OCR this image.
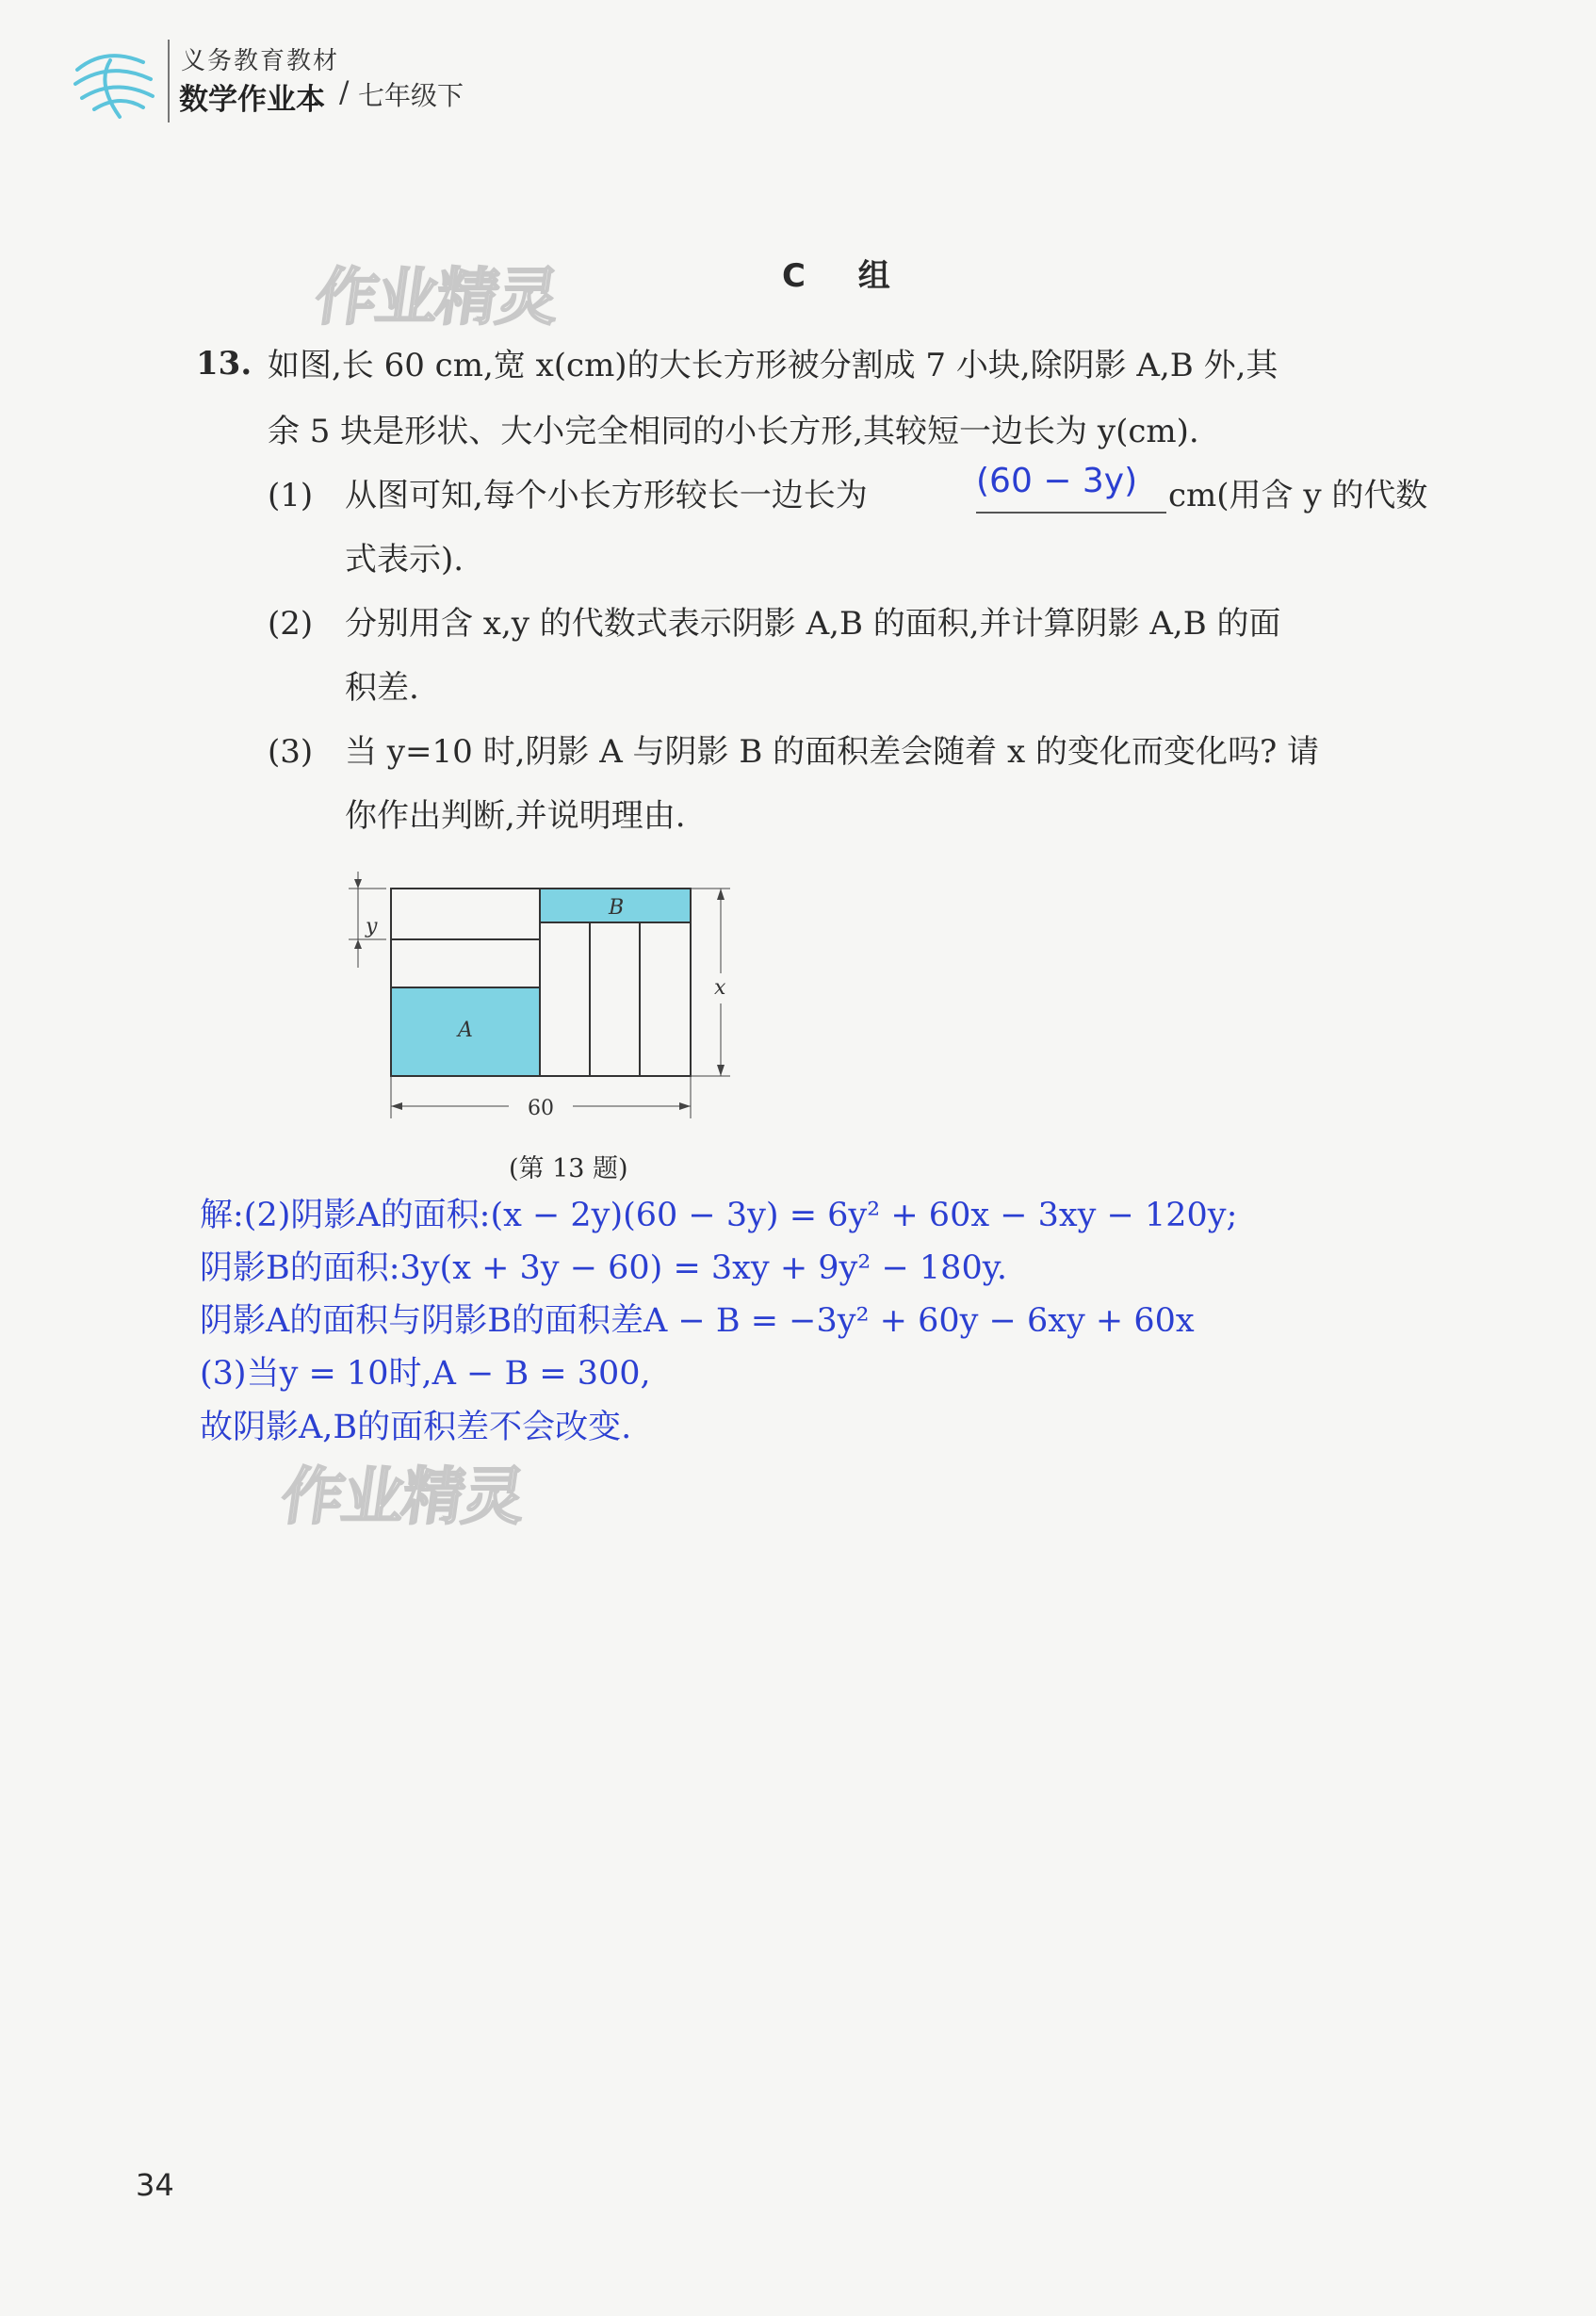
义务教育教材
数学作业本 / 七年级下
作业精灵	C 组
13. 如图,长 60 cm,宽 x(cm)的大长方形被分割成 7 小块,除阴影 A,B 外,其
余 5 块是形状、大小完全相同的小长方形,其较短一边长为 y(cm).
(1) 从图可知,每个小长方形较长一边长为	(60 − 3y) cm(用含 y 的代数
式表示).
(2) 分别用含 x,y 的代数式表示阴影 A,B 的面积,并计算阴影 A,B 的面
积差.
(3) 当 y=10 时,阴影 A 与阴影 B 的面积差会随着 x 的变化而变化吗? 请
你作出判断,并说明理由.
y
B
A
x
60
(第 13 题)
解:(2)阴影A的面积:(x − 2y)(60 − 3y) = 6y² + 60x − 3xy − 120y;
阴影B的面积:3y(x + 3y − 60) = 3xy + 9y² − 180y.
阴影A的面积与阴影B的面积差A − B = −3y² + 60y − 6xy + 60x
(3)当y = 10时,A − B = 300,
故阴影A,B的面积差不会改变.
作业精灵
34
